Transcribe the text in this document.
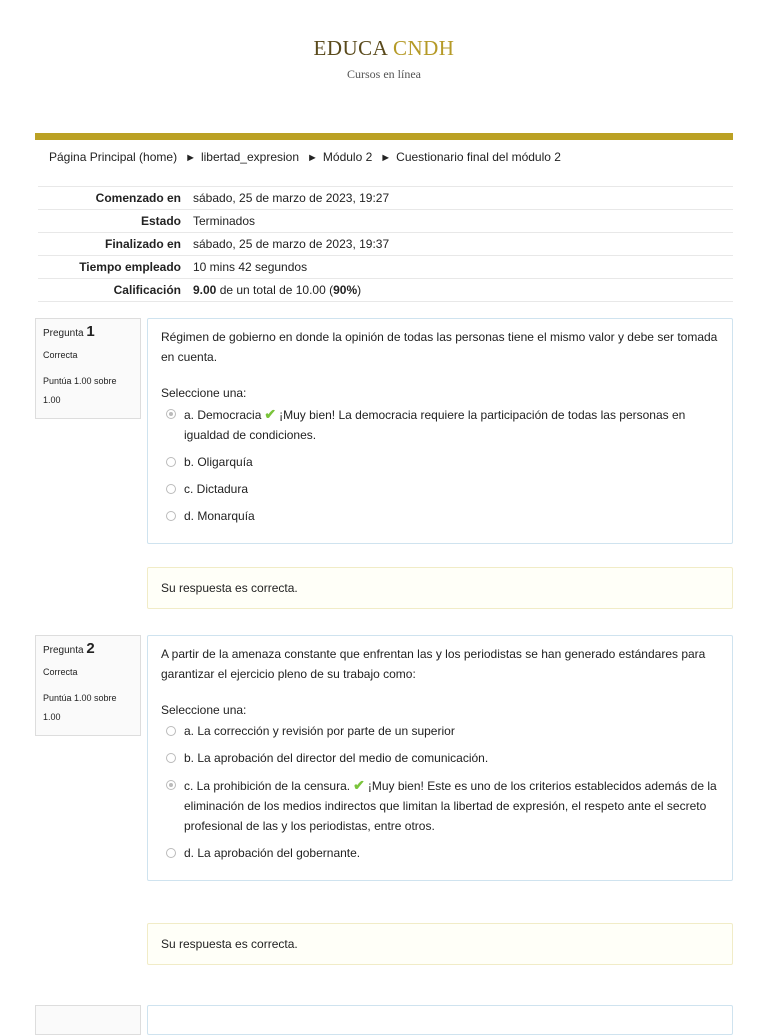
EDUCA CNDH
Cursos en línea
Página Principal (home) ► libertad_expresion ► Módulo 2 ► Cuestionario final del módulo 2
Comenzado en	sábado, 25 de marzo de 2023, 19:27
Estado	Terminados
Finalizado en	sábado, 25 de marzo de 2023, 19:37
Tiempo empleado	10 mins 42 segundos
Calificación	9.00 de un total de 10.00 (90%)
Pregunta 1
Correcta
Puntúa 1.00 sobre 1.00
Régimen de gobierno en donde la opinión de todas las personas tiene el mismo valor y debe ser tomada en cuenta.
Seleccione una:
a. Democracia ✔ ¡Muy bien! La democracia requiere la participación de todas las personas en igualdad de condiciones.
b. Oligarquía
c. Dictadura
d. Monarquía
Su respuesta es correcta.
Pregunta 2
Correcta
Puntúa 1.00 sobre 1.00
A partir de la amenaza constante que enfrentan las y los periodistas se han generado estándares para garantizar el ejercicio pleno de su trabajo como:
Seleccione una:
a. La corrección y revisión por parte de un superior
b. La aprobación del director del medio de comunicación.
c. La prohibición de la censura. ✔ ¡Muy bien! Este es uno de los criterios establecidos además de la eliminación de los medios indirectos que limitan la libertad de expresión, el respeto ante el secreto profesional de las y los periodistas, entre otros.
d. La aprobación del gobernante.
Su respuesta es correcta.
